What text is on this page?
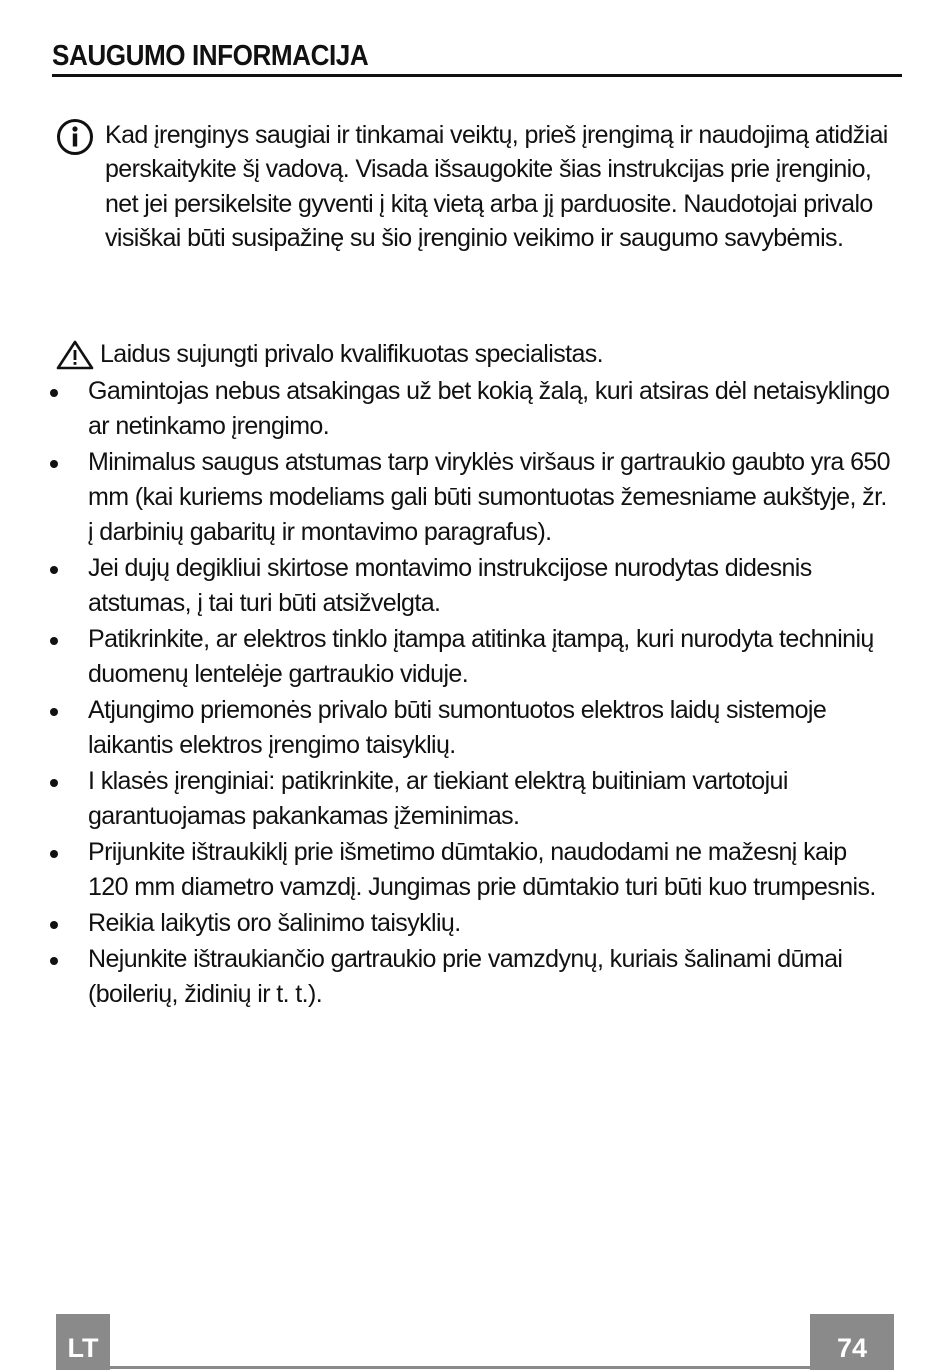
SAUGUMO INFORMACIJA

Kad įrenginys saugiai ir tinkamai veiktų, prieš įrengimą ir naudojimą atidžiai perskaitykite šį vadovą. Visada išsaugokite šias instrukcijas prie įrenginio, net jei persikelsite gyventi į kitą vietą arba jį parduosite. Naudotojai privalo visiškai būti susipažinę su šio įrenginio veikimo ir saugumo savybėmis.

Laidus sujungti privalo kvalifikuotas specialistas.
Gamintojas nebus atsakingas už bet kokią žalą, kuri atsiras dėl netaisyklingo ar netinkamo įrengimo.
Minimalus saugus atstumas tarp viryklės viršaus ir gartraukio gaubto yra 650 mm (kai kuriems modeliams gali būti sumontuotas žemesniame aukštyje, žr. į darbinių gabaritų ir montavimo paragrafus).
Jei dujų degikliui skirtose montavimo instrukcijose nurodytas didesnis atstumas, į tai turi būti atsižvelgta.
Patikrinkite, ar elektros tinklo įtampa atitinka įtampą, kuri nurodyta techninių duomenų lentelėje gartraukio viduje.
Atjungimo priemonės privalo būti sumontuotos elektros laidų sistemoje laikantis elektros įrengimo taisyklių.
I klasės įrenginiai: patikrinkite, ar tiekiant elektrą buitiniam vartotojui garantuojamas pakankamas įžeminimas.
Prijunkite ištraukiklį prie išmetimo dūmtakio, naudodami ne mažesnį kaip 120 mm diametro vamzdį. Jungimas prie dūmtakio turi būti kuo trumpesnis.
Reikia laikytis oro šalinimo taisyklių.
Nejunkite ištraukiančio gartraukio prie vamzdynų, kuriais šalinami dūmai (boilerių, židinių ir t. t.).
LT	74
